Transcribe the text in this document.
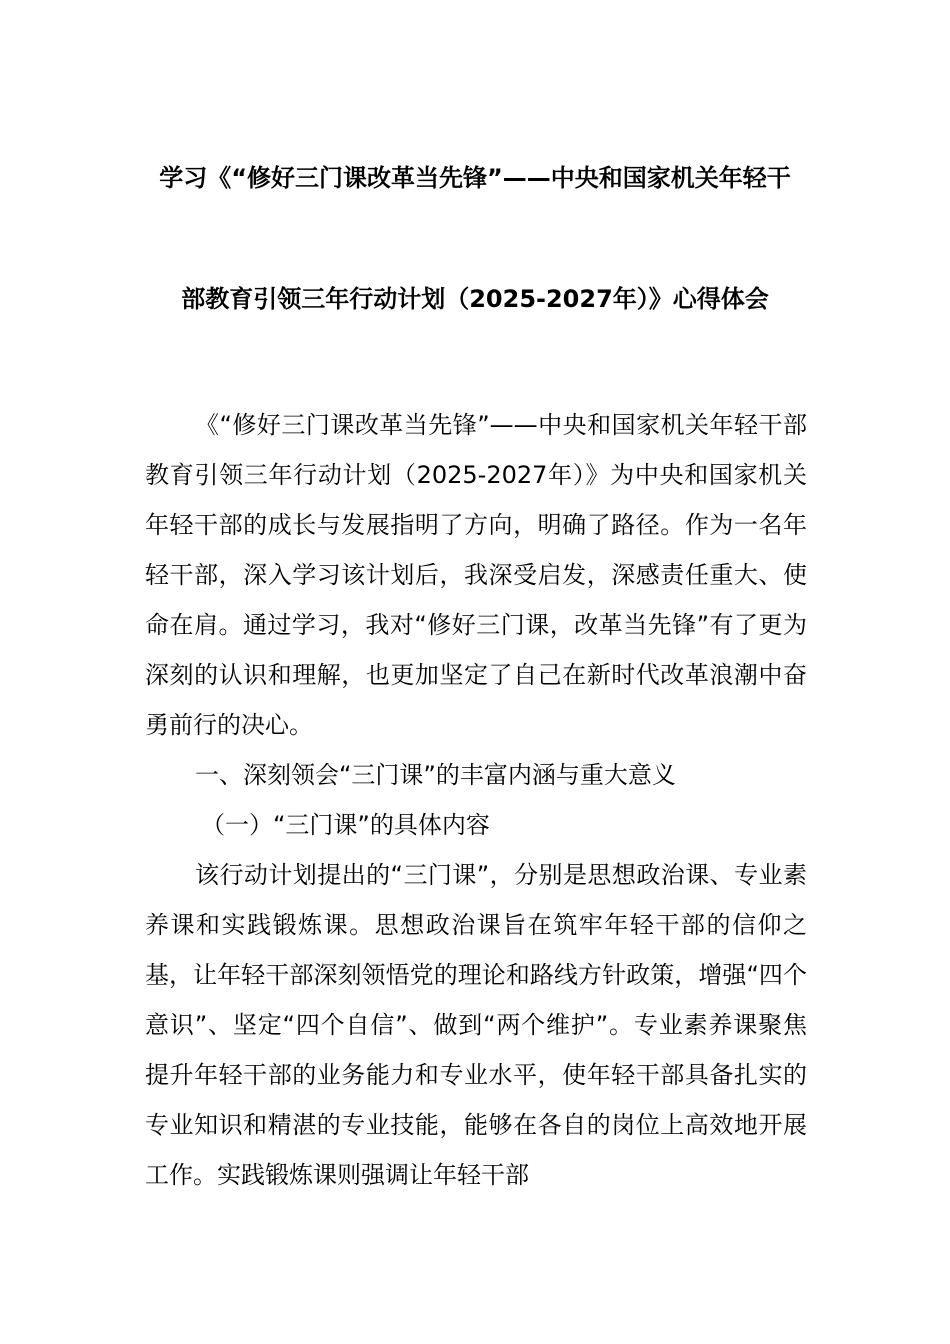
学习《“修好三门课改革当先锋”——中央和国家机关年轻干
部教育引领三年行动计划（2025-2027年）》心得体会

《“修好三门课改革当先锋”——中央和国家机关年轻干部教育引领三年行动计划（2025-2027年）》为中央和国家机关年轻干部的成长与发展指明了方向，明确了路径。作为一名年轻干部，深入学习该计划后，我深受启发，深感责任重大、使命在肩。通过学习，我对“修好三门课，改革当先锋”有了更为深刻的认识和理解，也更加坚定了自己在新时代改革浪潮中奋勇前行的决心。

一、深刻领会“三门课”的丰富内涵与重大意义

（一）“三门课”的具体内容

该行动计划提出的“三门课”，分别是思想政治课、专业素养课和实践锻炼课。思想政治课旨在筑牢年轻干部的信仰之基，让年轻干部深刻领悟党的理论和路线方针政策，增强“四个意识”、坚定“四个自信”、做到“两个维护”。专业素养课聚焦提升年轻干部的业务能力和专业水平，使年轻干部具备扎实的专业知识和精湛的专业技能，能够在各自的岗位上高效地开展工作。实践锻炼课则强调让年轻干部
